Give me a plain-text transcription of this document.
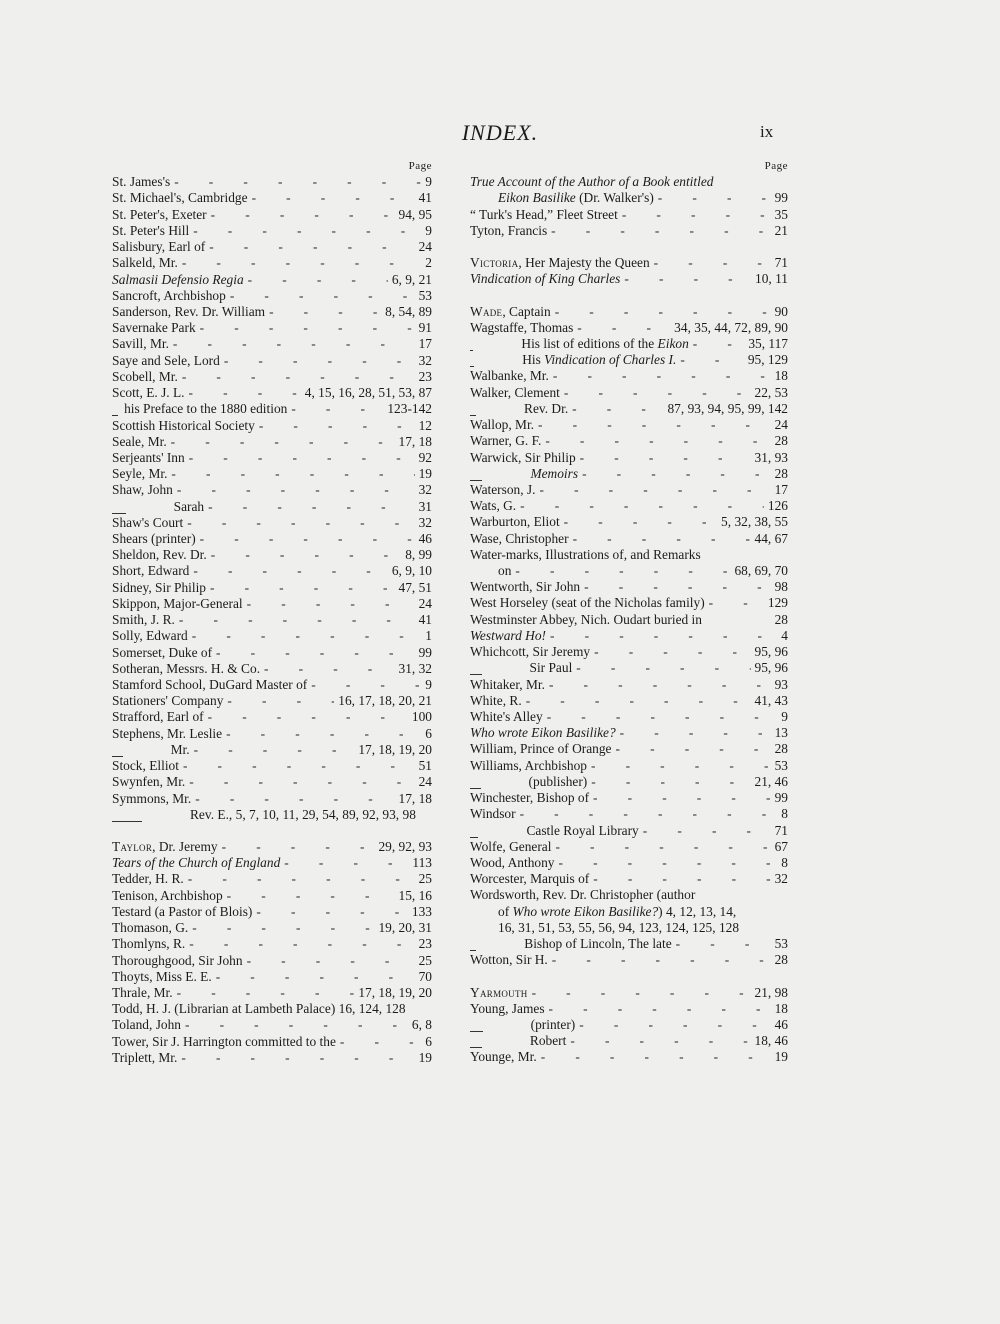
INDEX.	ix
Page
St. James's -	9
St. Michael's, Cambridge -	41
St. Peter's, Exeter -	94, 95
St. Peter's Hill -	9
Salisbury, Earl of -	24
Salkeld, Mr. -	2
Salmasii Defensio Regia -	6, 9, 21
Sancroft, Archbishop -	53
Sanderson, Rev. Dr. William -	8, 54, 89
Savernake Park -	91
Savill, Mr. -	17
Saye and Sele, Lord -	32
Scobell, Mr. -	23
Scott, E. J. L. -	4, 15, 16, 28, 51, 53, 87
his Preface to the 1880 edition -	123-142
Scottish Historical Society -	12
Seale, Mr. -	17, 18
Serjeants' Inn -	92
Seyle, Mr. -	19
Shaw, John -	32
Sarah -	31
Shaw's Court -	32
Shears (printer) -	46
Sheldon, Rev. Dr. -	8, 99
Short, Edward -	6, 9, 10
Sidney, Sir Philip -	47, 51
Skippon, Major-General -	24
Smith, J. R. -	41
Solly, Edward -	1
Somerset, Duke of -	99
Sotheran, Messrs. H. & Co. -	31, 32
Stamford School, DuGard Master of -	9
Stationers' Company -	16, 17, 18, 20, 21
Strafford, Earl of -	100
Stephens, Mr. Leslie -	6
Mr. -	17, 18, 19, 20
Stock, Elliot -	51
Swynfen, Mr. -	24
Symmons, Mr. -	17, 18
Rev. E., 5, 7, 10, 11, 29, 54, 89, 92, 93, 98
Taylor, Dr. Jeremy -	29, 92, 93
Tears of the Church of England -	113
Tedder, H. R. -	25
Tenison, Archbishop -	15, 16
Testard (a Pastor of Blois) -	133
Thomason, G. -	19, 20, 31
Thomlyns, R. -	23
Thoroughgood, Sir John -	25
Thoyts, Miss E. E. -	70
Thrale, Mr. -	17, 18, 19, 20
Todd, H. J. (Librarian at Lambeth Palace) 16, 124, 128
Toland, John -	6, 8
Tower, Sir J. Harrington committed to the -	6
Triplett, Mr. -	19
Page
True Account of the Author of a Book entitled
Eikon Basilike (Dr. Walker's) -	99
“ Turk's Head,” Fleet Street -	35
Tyton, Francis -	21
Victoria, Her Majesty the Queen -	71
Vindication of King Charles -	10, 11
Wade, Captain -	90
Wagstaffe, Thomas -	34, 35, 44, 72, 89, 90
His list of editions of the Eikon -	35, 117
His Vindication of Charles I. -	95, 129
Walbanke, Mr. -	18
Walker, Clement -	22, 53
Rev. Dr. -	87, 93, 94, 95, 99, 142
Wallop, Mr. -	24
Warner, G. F. -	28
Warwick, Sir Philip -	31, 93
Memoirs -	28
Waterson, J. -	17
Wats, G. -	126
Warburton, Eliot -	5, 32, 38, 55
Wase, Christopher -	44, 67
Water-marks, Illustrations of, and Remarks
on -	68, 69, 70
Wentworth, Sir John -	98
West Horseley (seat of the Nicholas family) -	129
Westminster Abbey, Nich. Oudart buried in	28
Westward Ho! -	4
Whichcott, Sir Jeremy -	95, 96
Sir Paul -	95, 96
Whitaker, Mr. -	93
White, R. -	41, 43
White's Alley -	9
Who wrote Eikon Basilike? -	13
William, Prince of Orange -	28
Williams, Archbishop -	53
(publisher) -	21, 46
Winchester, Bishop of -	99
Windsor -	8
Castle Royal Library -	71
Wolfe, General -	67
Wood, Anthony -	8
Worcester, Marquis of -	32
Wordsworth, Rev. Dr. Christopher (author
of Who wrote Eikon Basilike?) 4, 12, 13, 14,
16, 31, 51, 53, 55, 56, 94, 123, 124, 125, 128
Bishop of Lincoln, The late -	53
Wotton, Sir H. -	28
Yarmouth -	21, 98
Young, James -	18
(printer) -	46
Robert -	18, 46
Younge, Mr. -	19
